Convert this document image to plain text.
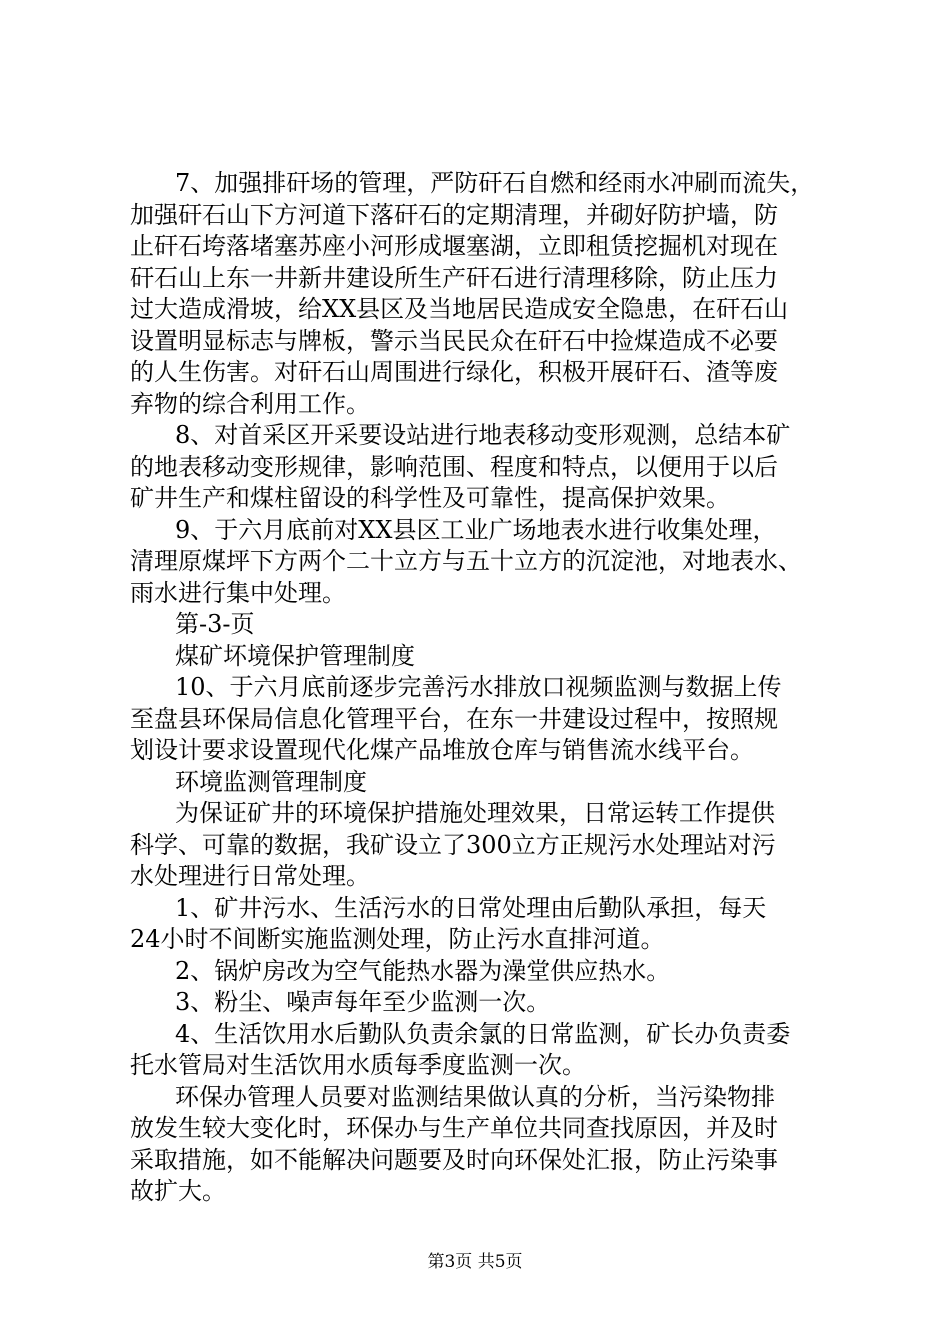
7、加强排矸场的管理，严防矸石自燃和经雨水冲刷而流失，
加强矸石山下方河道下落矸石的定期清理，并砌好防护墙，防
止矸石垮落堵塞苏座小河形成堰塞湖，立即租赁挖掘机对现在
矸石山上东一井新井建设所生产矸石进行清理移除，防止压力
过大造成滑坡，给XX县区及当地居民造成安全隐患，在矸石山
设置明显标志与牌板，警示当民民众在矸石中捡煤造成不必要
的人生伤害。对矸石山周围进行绿化，积极开展矸石、渣等废
弃物的综合利用工作。

8、对首采区开采要设站进行地表移动变形观测，总结本矿
的地表移动变形规律，影响范围、程度和特点，以便用于以后
矿井生产和煤柱留设的科学性及可靠性，提高保护效果。

9、于六月底前对XX县区工业广场地表水进行收集处理，
清理原煤坪下方两个二十立方与五十立方的沉淀池，对地表水、
雨水进行集中处理。

第-3-页

煤矿坏境保护管理制度

10、于六月底前逐步完善污水排放口视频监测与数据上传
至盘县环保局信息化管理平台，在东一井建设过程中，按照规
划设计要求设置现代化煤产品堆放仓库与销售流水线平台。

环境监测管理制度

为保证矿井的环境保护措施处理效果，日常运转工作提供
科学、可靠的数据，我矿设立了300立方正规污水处理站对污
水处理进行日常处理。

1、矿井污水、生活污水的日常处理由后勤队承担，每天
24小时不间断实施监测处理，防止污水直排河道。

2、锅炉房改为空气能热水器为澡堂供应热水。

3、粉尘、噪声每年至少监测一次。

4、生活饮用水后勤队负责余氯的日常监测，矿长办负责委
托水管局对生活饮用水质每季度监测一次。

环保办管理人员要对监测结果做认真的分析，当污染物排
放发生较大变化时，环保办与生产单位共同查找原因，并及时
采取措施，如不能解决问题要及时向环保处汇报，防止污染事
故扩大。

第3页 共5页
